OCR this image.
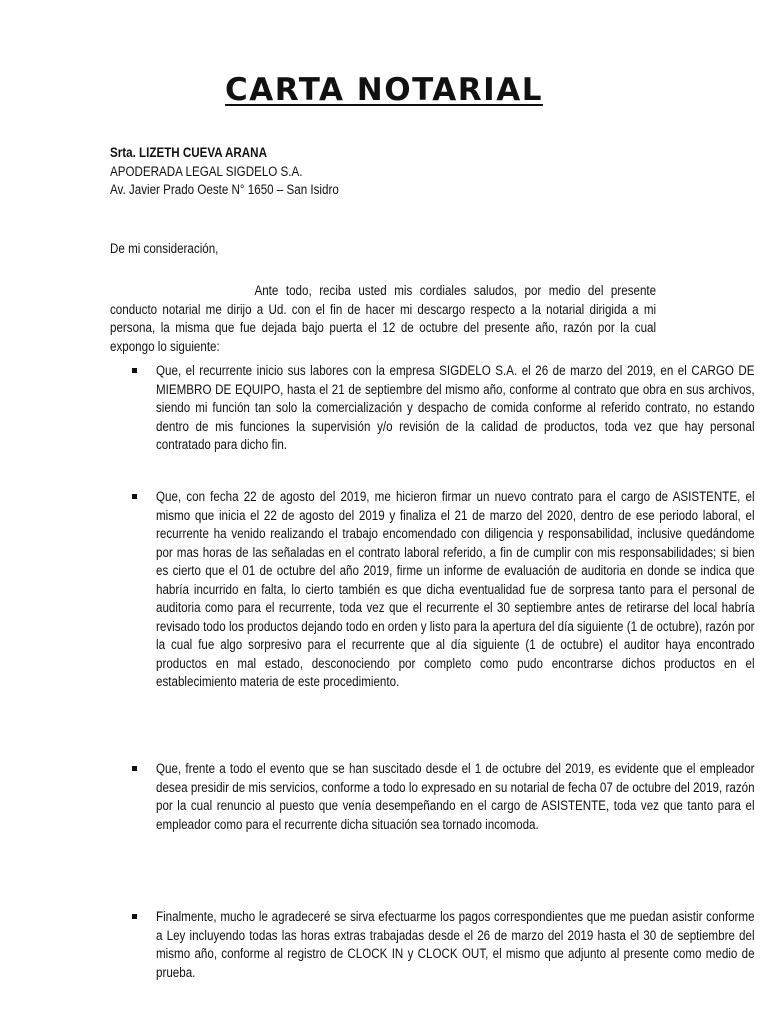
CARTA NOTARIAL
Srta. LIZETH CUEVA ARANA
APODERADA LEGAL SIGDELO S.A.
Av. Javier Prado Oeste N° 1650 – San Isidro
De mi consideración,

Ante todo, reciba usted mis cordiales saludos, por medio del presente conducto notarial me dirijo a Ud. con el fin de hacer mi descargo respecto a la notarial dirigida a mi persona, la misma que fue dejada bajo puerta el 12 de octubre del presente año, razón por la cual expongo lo siguiente:

Que, el recurrente inicio sus labores con la empresa SIGDELO S.A. el 26 de marzo del 2019, en el CARGO DE MIEMBRO DE EQUIPO, hasta el 21 de septiembre del mismo año, conforme al contrato que obra en sus archivos, siendo mi función tan solo la comercialización y despacho de comida conforme al referido contrato, no estando dentro de mis funciones la supervisión y/o revisión de la calidad de productos, toda vez que hay personal contratado para dicho fin.

Que, con fecha 22 de agosto del 2019, me hicieron firmar un nuevo contrato para el cargo de ASISTENTE, el mismo que inicia el 22 de agosto del 2019 y finaliza el 21 de marzo del 2020, dentro de ese periodo laboral, el recurrente ha venido realizando el trabajo encomendado con diligencia y responsabilidad, inclusive quedándome por mas horas de las señaladas en el contrato laboral referido, a fin de cumplir con mis responsabilidades; si bien es cierto que el 01 de octubre del año 2019, firme un informe de evaluación de auditoria en donde se indica que habría incurrido en falta, lo cierto también es que dicha eventualidad fue de sorpresa tanto para el personal de auditoria como para el recurrente, toda vez que el recurrente el 30 septiembre antes de retirarse del local habría revisado todo los productos dejando todo en orden y listo para la apertura del día siguiente (1 de octubre), razón por la cual fue algo sorpresivo para el recurrente que al día siguiente (1 de octubre) el auditor haya encontrado productos en mal estado, desconociendo por completo como pudo encontrarse dichos productos en el establecimiento materia de este procedimiento.

Que, frente a todo el evento que se han suscitado desde el 1 de octubre del 2019, es evidente que el empleador desea presidir de mis servicios, conforme a todo lo expresado en su notarial de fecha 07 de octubre del 2019, razón por la cual renuncio al puesto que venía desempeñando en el cargo de ASISTENTE, toda vez que tanto para el empleador como para el recurrente dicha situación sea tornado incomoda.

Finalmente, mucho le agradeceré se sirva efectuarme los pagos correspondientes que me puedan asistir conforme a Ley incluyendo todas las horas extras trabajadas desde el 26 de marzo del 2019 hasta el 30 de septiembre del mismo año, conforme al registro de CLOCK IN y CLOCK OUT, el mismo que adjunto al presente como medio de prueba.
